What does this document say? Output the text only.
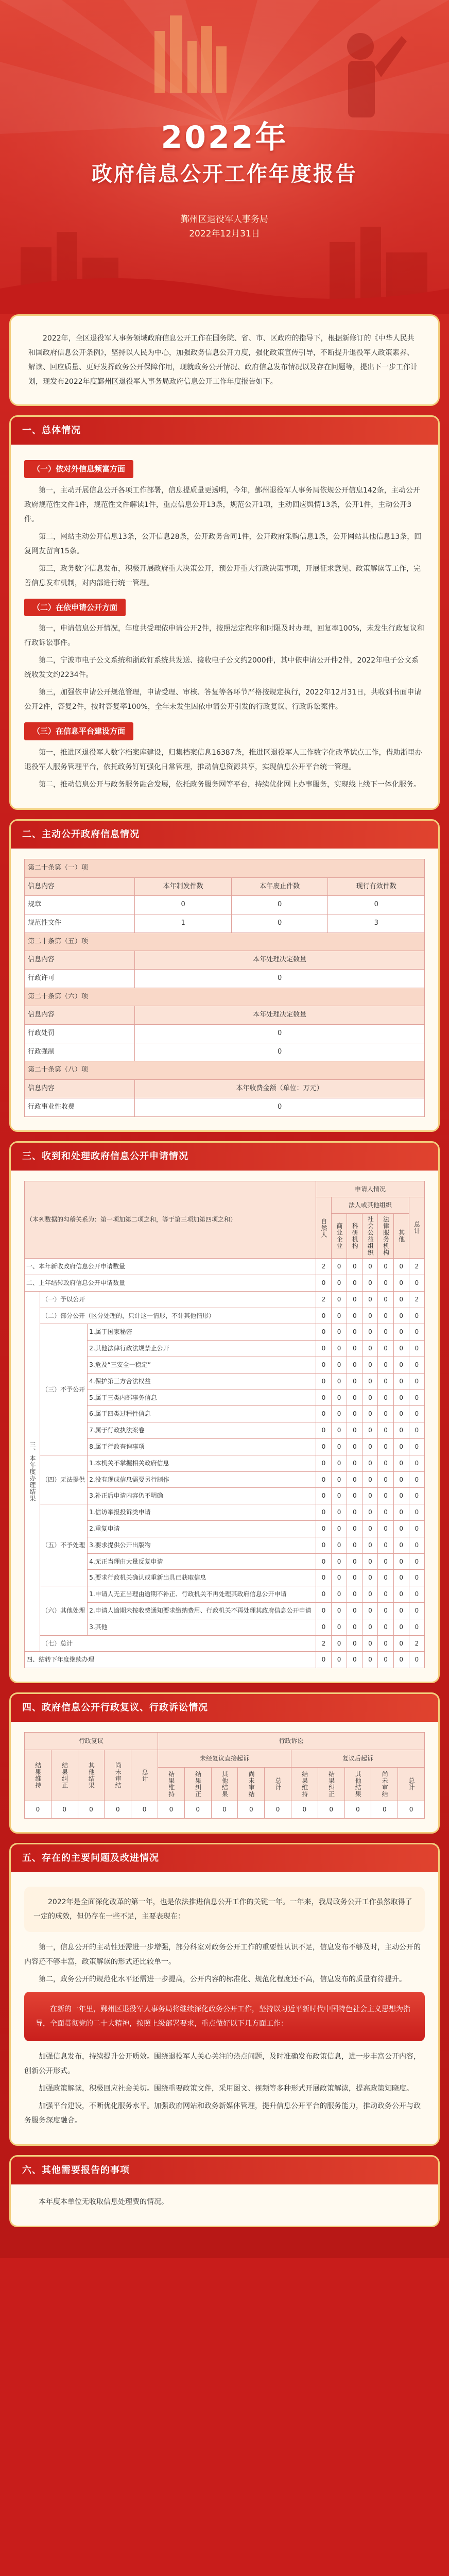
2022年
政府信息公开工作年度报告
鄞州区退役军人事务局
2022年12月31日

2022年，全区退役军人事务领域政府信息公开工作在国务院、省、市、区政府的指导下，根据新修订的《中华人民共和国政府信息公开条例》，坚持以人民为中心，加强政务信息公开力度，强化政策宣传引导，不断提升退役军人政策素养、解读、回应质量、更好发挥政务公开保障作用，现就政务公开情况、政府信息发布情况以及存在问题等，提出下一步工作计划，现发布2022年度鄞州区退役军人事务局政府信息公开工作年度报告如下。

一、总体情况
（一）依对外信息频富方面

第一，主动开展信息公开各项工作部署，信息提质量更透明，今年，鄞州退役军人事务局依规公开信息142条，主动公开政府规范性文件1件，规范性文件解读1件，重点信息公开13条，规范公开1项，主动回应舆情13条，公开1件，主动公开3件。

第二，网站主动公开信息13条，公开信息28条，公开政务合同1件，公开政府采购信息1条，公开网站其他信息13条，回复网友留言15条。

第三，政务数字信息发布，积极开展政府重大决策公开，预公开重大行政决策事项，开展征求意见、政策解读等工作，完善信息发布机制，对内部进行统一管理。

（二）在依申请公开方面

第一，申请信息公开情况，年度共受理依申请公开2件，按照法定程序和时限及时办理，回复率100%，未发生行政复议和行政诉讼事件。

第二，宁波市电子公文系统和浙政钉系统共发送、接收电子公文约2000件，其中依申请公开件2件，2022年电子公文系统收发文约2234件。

第三，加强依申请公开规范管理，申请受理、审核、答复等各环节严格按规定执行，2022年12月31日，共收到书面申请公开2件，答复2件，按时答复率100%，全年未发生因依申请公开引发的行政复议、行政诉讼案件。

（三）在信息平台建设方面

第一，推进区退役军人数字档案库建设，归集档案信息16387条，推进区退役军人工作数字化改革试点工作，借助浙里办退役军人服务管理平台，依托政务钉钉强化日常管理，推动信息资源共享，实现信息公开平台统一管理。

第二，推动信息公开与政务服务融合发展，依托政务服务网等平台，持续优化网上办事服务，实现线上线下一体化服务。

二、主动公开政府信息情况
第二十条第（一）项			
信息内容	本年制发件数	本年废止件数	现行有效件数
规章	0	0	0
规范性文件	1	0	3
第二十条第（五）项			
信息内容	本年处理决定数量		
行政许可	0		
第二十条第（六）项			
信息内容	本年处理决定数量		
行政处罚	0		
行政强制	0		
第二十条第（八）项			
信息内容	本年收费金额（单位：万元）		
行政事业性收费	0		
三、收到和处理政府信息公开申请情况
（本列数据的勾稽关系为：第一项加第二项之和，等于第三项加第四项之和）			申请人情况						
			自然人	法人或其他组织					总计
				商业企业	科研机构	社会公益组织	法律服务机构	其他	
一、本年新收政府信息公开申请数量			2	0	0	0	0	0	2
二、上年结转政府信息公开申请数量			0	0	0	0	0	0	0
三、本年度办理结果	（一）予以公开		2	0	0	0	0	0	2
	（二）部分公开（区分处理的，只计这一情形，不计其他情形）		0	0	0	0	0	0	0
	（三）不予公开	1.属于国家秘密	0	0	0	0	0	0	0
		2.其他法律行政法规禁止公开	0	0	0	0	0	0	0
		3.危及“三安全一稳定”	0	0	0	0	0	0	0
		4.保护第三方合法权益	0	0	0	0	0	0	0
		5.属于三类内部事务信息	0	0	0	0	0	0	0
		6.属于四类过程性信息	0	0	0	0	0	0	0
		7.属于行政执法案卷	0	0	0	0	0	0	0
		8.属于行政查询事项	0	0	0	0	0	0	0
	（四）无法提供	1.本机关不掌握相关政府信息	0	0	0	0	0	0	0
		2.没有现成信息需要另行制作	0	0	0	0	0	0	0
		3.补正后申请内容仍不明确	0	0	0	0	0	0	0
	（五）不予处理	1.信访举报投诉类申请	0	0	0	0	0	0	0
		2.重复申请	0	0	0	0	0	0	0
		3.要求提供公开出版物	0	0	0	0	0	0	0
		4.无正当理由大量反复申请	0	0	0	0	0	0	0
		5.要求行政机关确认或重新出具已获取信息	0	0	0	0	0	0	0
	（六）其他处理	1.申请人无正当理由逾期不补正、行政机关不再处理其政府信息公开申请	0	0	0	0	0	0	0
		2.申请人逾期未按收费通知要求缴纳费用、行政机关不再处理其政府信息公开申请	0	0	0	0	0	0	0
		3.其他	0	0	0	0	0	0	0
	（七）总计		2	0	0	0	0	0	2
四、结转下年度继续办理			0	0	0	0	0	0	0
四、政府信息公开行政复议、行政诉讼情况
行政复议					行政诉讼									
结果维持	结果纠正	其他结果	尚未审结	总计	未经复议直接起诉					复议后起诉				
					结果维持	结果纠正	其他结果	尚未审结	总计	结果维持	结果纠正	其他结果	尚未审结	总计
0	0	0	0	0	0	0	0	0	0	0	0	0	0	0
五、存在的主要问题及改进情况

2022年是全面深化改革的第一年，也是依法推进信息公开工作的关键一年。一年来，我局政务公开工作虽然取得了一定的成效，但仍存在一些不足，主要表现在：

第一，信息公开的主动性还需进一步增强，部分科室对政务公开工作的重要性认识不足，信息发布不够及时，主动公开的内容还不够丰富，政策解读的形式还比较单一。

第二，政务公开的规范化水平还需进一步提高，公开内容的标准化、规范化程度还不高，信息发布的质量有待提升。

在新的一年里，鄞州区退役军人事务局将继续深化政务公开工作，坚持以习近平新时代中国特色社会主义思想为指导，全面贯彻党的二十大精神，按照上级部署要求，重点做好以下几方面工作：

加强信息发布，持续提升公开质效。围绕退役军人关心关注的热点问题，及时准确发布政策信息，进一步丰富公开内容，创新公开形式。

加强政策解读，积极回应社会关切。围绕重要政策文件，采用图文、视频等多种形式开展政策解读，提高政策知晓度。

加强平台建设，不断优化服务水平。加强政府网站和政务新媒体管理，提升信息公开平台的服务能力，推动政务公开与政务服务深度融合。

六、其他需要报告的事项

本年度本单位无收取信息处理费的情况。
